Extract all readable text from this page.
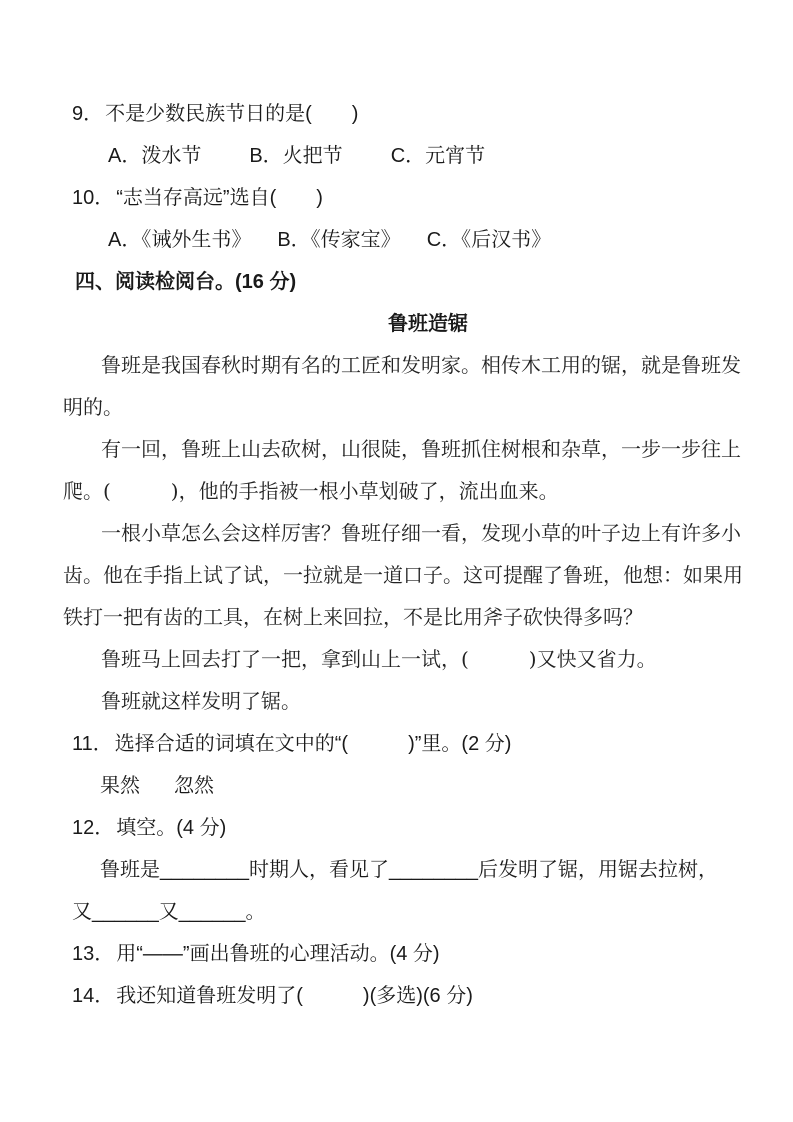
9． 不是少数民族节日的是(　　)
A．泼水节 B．火把节 C．元宵节
10． “志当存高远”选自(　　)
A．《诫外生书》 B．《传家宝》 C．《后汉书》
四、阅读检阅台。(16 分)
鲁班造锯
鲁班是我国春秋时期有名的工匠和发明家。相传木工用的锯，就是鲁班发
明的。
有一回，鲁班上山去砍树，山很陡，鲁班抓住树根和杂草，一步一步往上
爬。(　　　)，他的手指被一根小草划破了，流出血来。
一根小草怎么会这样厉害？鲁班仔细一看，发现小草的叶子边上有许多小
齿。他在手指上试了试，一拉就是一道口子。这可提醒了鲁班，他想：如果用
铁打一把有齿的工具，在树上来回拉，不是比用斧子砍快得多吗？
鲁班马上回去打了一把，拿到山上一试，(　　　)又快又省力。
鲁班就这样发明了锯。
11． 选择合适的词填在文中的“(　　　)”里。(2 分)
果然 忽然
12． 填空。(4 分)
鲁班是________时期人，看见了________后发明了锯，用锯去拉树，
又______又______。
13． 用“——”画出鲁班的心理活动。(4 分)
14． 我还知道鲁班发明了(　　　)(多选)(6 分)
